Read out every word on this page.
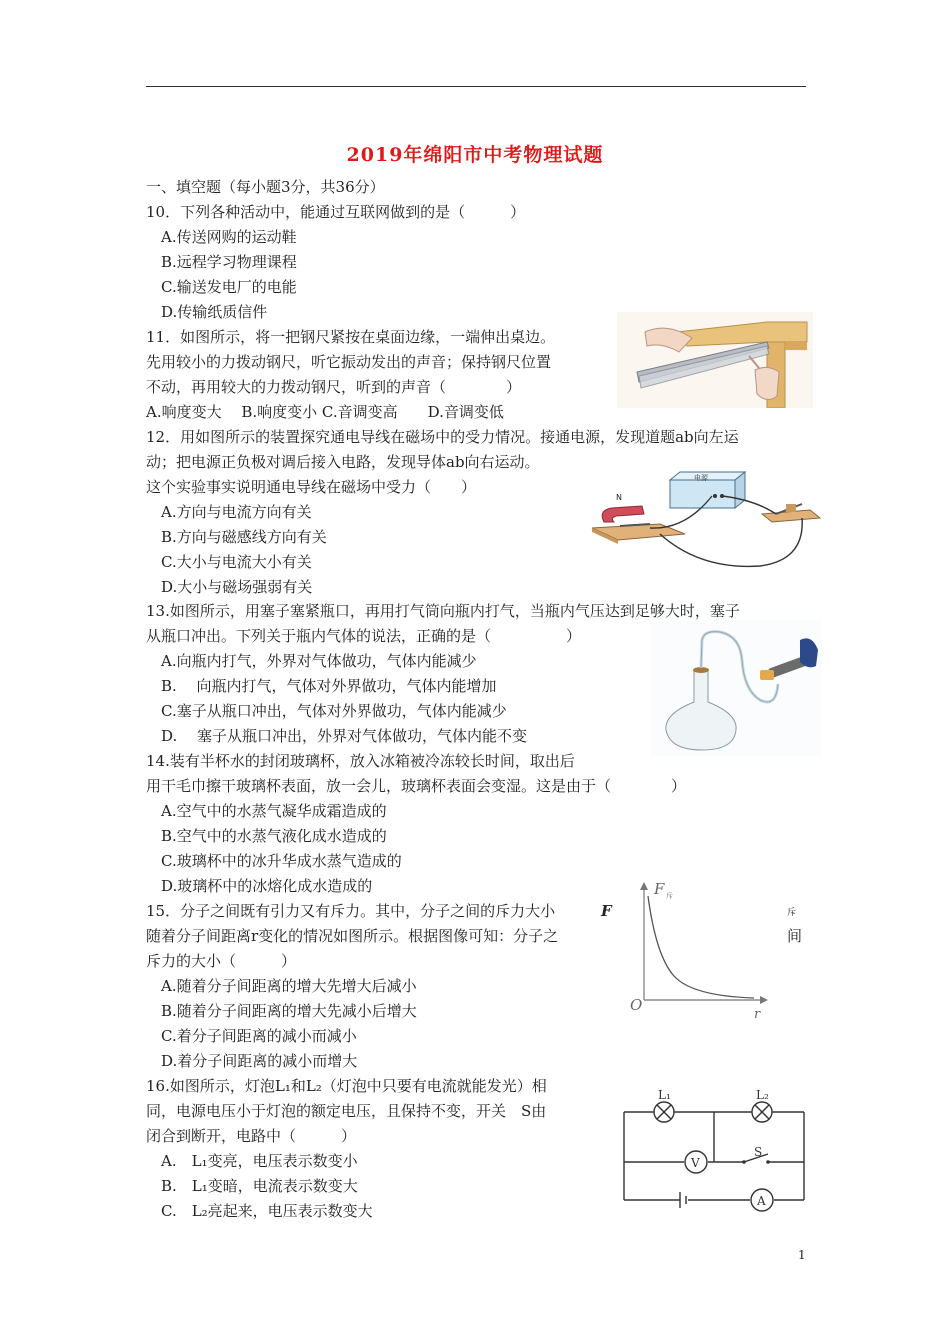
2019年绵阳市中考物理试题
一、填空题（每小题3分，共36分）
10．下列各种活动中，能通过互联网做到的是（　　　）
A.传送网购的运动鞋
B.远程学习物理课程
C.输送发电厂的电能
D.传输纸质信件
11．如图所示，将一把钢尺紧按在桌面边缘，一端伸出桌边。
先用较小的力拨动钢尺，听它振动发出的声音；保持钢尺位置
不动，再用较大的力拨动钢尺，听到的声音（　　　　）
A.响度变大　 B.响度变小 C.音调变高　　D.音调变低
12．用如图所示的装置探究通电导线在磁场中的受力情况。接通电源，发现道题ab向左运
动；把电源正负极对调后接入电路，发现导体ab向右运动。
这个实验事实说明通电导线在磁场中受力（　　）
A.方向与电流方向有关
B.方向与磁感线方向有关
C.大小与电流大小有关
D.大小与磁场强弱有关
电源
N
13.如图所示，用塞子塞紧瓶口，再用打气筒向瓶内打气，当瓶内气压达到足够大时，塞子
从瓶口冲出。下列关于瓶内气体的说法，正确的是（　　　　　）
A.向瓶内打气，外界对气体做功，气体内能减少
B.　 向瓶内打气，气体对外界做功，气体内能增加
C.塞子从瓶口冲出，气体对外界做功，气体内能减少
D.　 塞子从瓶口冲出，外界对气体做功，气体内能不变
14.装有半杯水的封闭玻璃杯，放入冰箱被冷冻较长时间，取出后
用干毛巾擦干玻璃杯表面，放一会儿，玻璃杯表面会变湿。这是由于（　　　　）
A.空气中的水蒸气凝华成霜造成的
B.空气中的水蒸气液化成水造成的
C.玻璃杯中的冰升华成水蒸气造成的
D.玻璃杯中的冰熔化成水造成的
15．分子之间既有引力又有斥力。其中，分子之间的斥力大小	F	斥
随着分子间距离r变化的情况如图所示。根据图像可知：分子之	间
斥力的大小（　　　）
A.随着分子间距离的增大先增大后减小
B.随着分子间距离的增大先减小后增大
C.着分子间距离的减小而减小
D.着分子间距离的减小而增大
F 斥
O
r
16.如图所示，灯泡L₁和L₂（灯泡中只要有电流就能发光）相
同，电源电压小于灯泡的额定电压，且保持不变，开关　S由
闭合到断开，电路中（　　　）
A.　L₁变亮，电压表示数变小
B.　L₁变暗，电流表示数变大
C.　L₂亮起来，电压表示数变大
L₁	L₂
V
S
A
1
